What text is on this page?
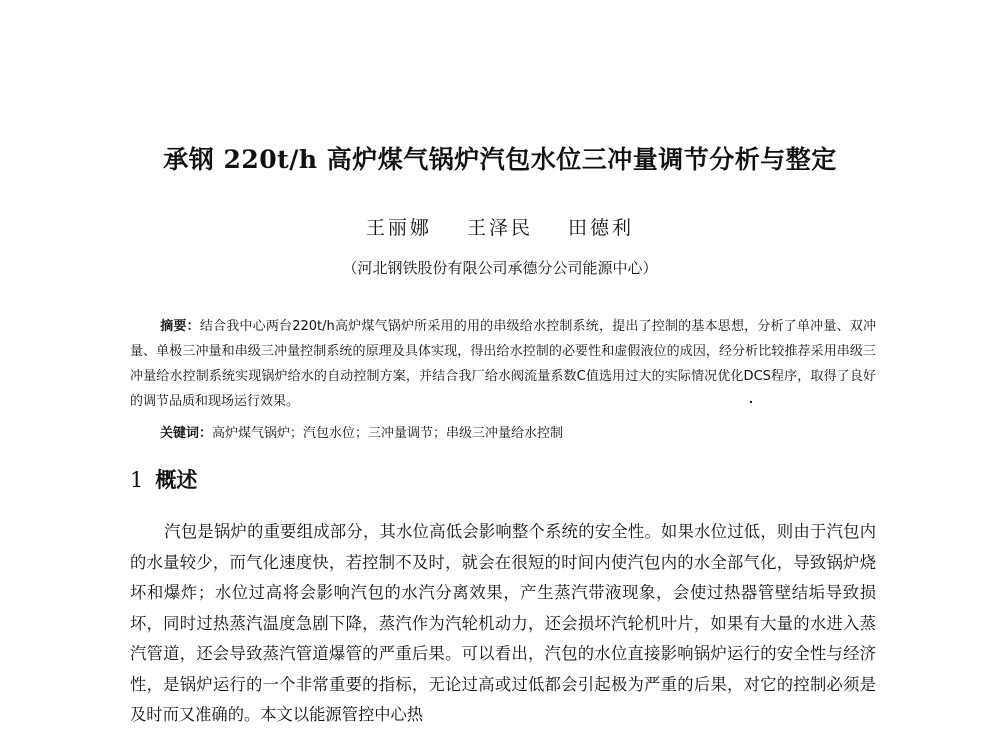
承钢 220t/h 高炉煤气锅炉汽包水位三冲量调节分析与整定
王丽娜 王泽民 田德利
（河北钢铁股份有限公司承德分公司能源中心）
摘要：结合我中心两台220t/h高炉煤气锅炉所采用的用的串级给水控制系统，提出了控制的基本思想，分析了单冲量、双冲量、单极三冲量和串级三冲量控制系统的原理及具体实现，得出给水控制的必要性和虚假液位的成因，经分析比较推荐采用串级三冲量给水控制系统实现锅炉给水的自动控制方案，并结合我厂给水阀流量系数C值选用过大的实际情况优化DCS程序，取得了良好的调节品质和现场运行效果。
关键词：高炉煤气锅炉；汽包水位；三冲量调节；串级三冲量给水控制
1 概述
汽包是锅炉的重要组成部分，其水位高低会影响整个系统的安全性。如果水位过低，则由于汽包内的水量较少，而气化速度快，若控制不及时，就会在很短的时间内使汽包内的水全部气化，导致锅炉烧坏和爆炸；水位过高将会影响汽包的水汽分离效果，产生蒸汽带液现象，会使过热器管壁结垢导致损坏，同时过热蒸汽温度急剧下降，蒸汽作为汽轮机动力，还会损坏汽轮机叶片，如果有大量的水进入蒸汽管道，还会导致蒸汽管道爆管的严重后果。可以看出，汽包的水位直接影响锅炉运行的安全性与经济性，是锅炉运行的一个非常重要的指标，无论过高或过低都会引起极为严重的后果，对它的控制必须是及时而又准确的。本文以能源管控中心热
